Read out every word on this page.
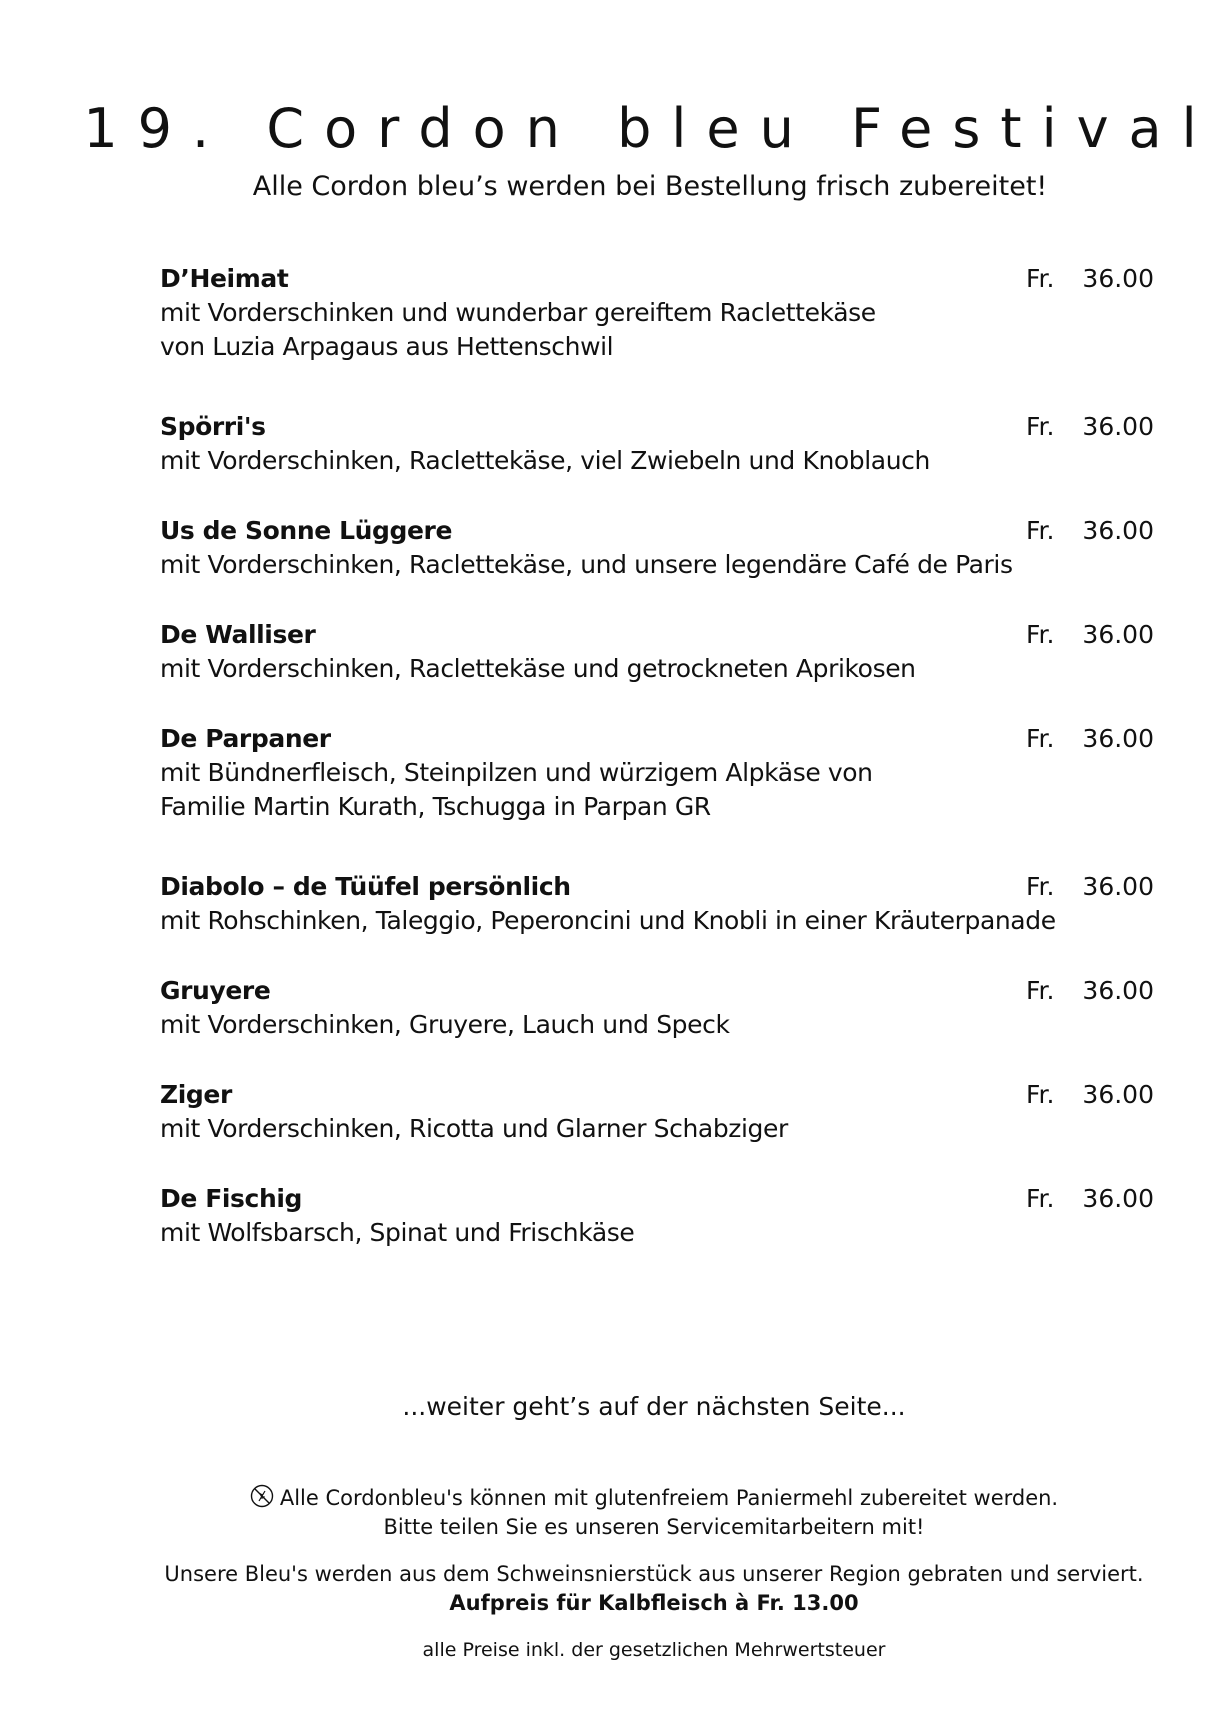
19. Cordon bleu Festival
Alle Cordon bleu’s werden bei Bestellung frisch zubereitet!
D’Heimat	Fr. 36.00
mit Vorderschinken und wunderbar gereiftem Raclettekäse
von Luzia Arpagaus aus Hettenschwil
Spörri's	Fr. 36.00
mit Vorderschinken, Raclettekäse, viel Zwiebeln und Knoblauch
Us de Sonne Lüggere	Fr. 36.00
mit Vorderschinken, Raclettekäse, und unsere legendäre Café de Paris
De Walliser	Fr. 36.00
mit Vorderschinken, Raclettekäse und getrockneten Aprikosen
De Parpaner	Fr. 36.00
mit Bündnerfleisch, Steinpilzen und würzigem Alpkäse von
Familie Martin Kurath, Tschugga in Parpan GR
Diabolo – de Tüüfel persönlich	Fr. 36.00
mit Rohschinken, Taleggio, Peperoncini und Knobli in einer Kräuterpanade
Gruyere	Fr. 36.00
mit Vorderschinken, Gruyere, Lauch und Speck
Ziger	Fr. 36.00
mit Vorderschinken, Ricotta und Glarner Schabziger
De Fischig	Fr. 36.00
mit Wolfsbarsch, Spinat und Frischkäse
...weiter geht’s auf der nächsten Seite...
Alle Cordonbleu's können mit glutenfreiem Paniermehl zubereitet werden.
Bitte teilen Sie es unseren Servicemitarbeitern mit!
Unsere Bleu's werden aus dem Schweinsnierstück aus unserer Region gebraten und serviert.
Aufpreis für Kalbfleisch à Fr. 13.00
alle Preise inkl. der gesetzlichen Mehrwertsteuer
